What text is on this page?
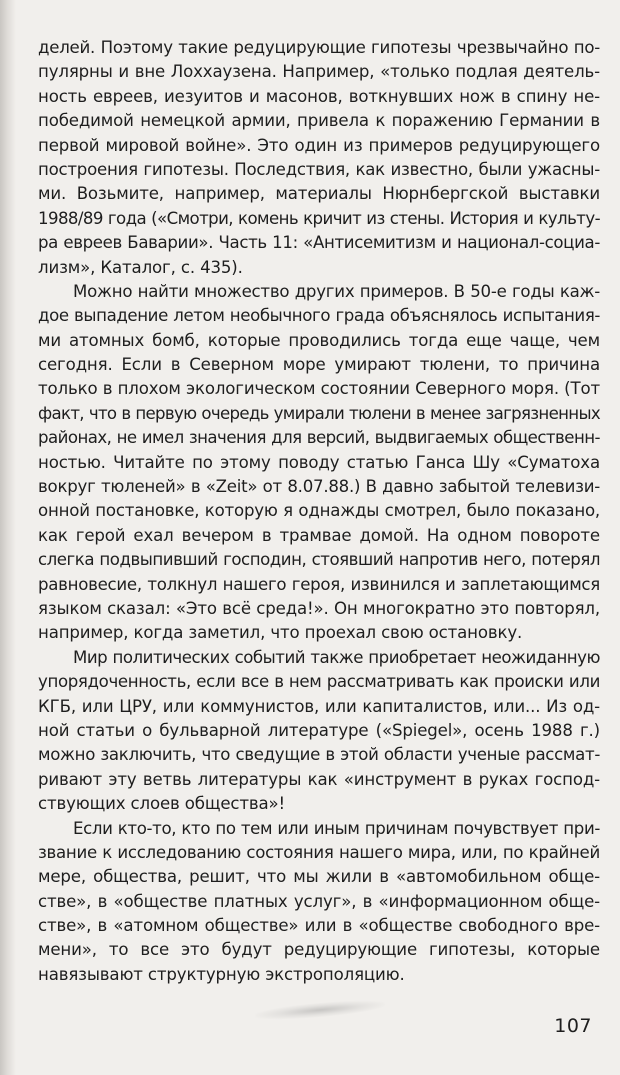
делей. Поэтому такие редуцирующие гипотезы чрезвычайно по-
пулярны и вне Лоххаузена. Например, «только подлая деятель-
ность евреев, иезуитов и масонов, воткнувших нож в спину не-
победимой немецкой армии, привела к поражению Германии в
первой мировой войне». Это один из примеров редуцирующего
построения гипотезы. Последствия, как известно, были ужасны-
ми. Возьмите, например, материалы Нюрнбергской выставки
1988/89 года («Смотри, комень кричит из стены. История и культу-
ра евреев Баварии». Часть 11: «Антисемитизм и национал-социа-
лизм», Каталог, с. 435).
Можно найти множество других примеров. В 50-е годы каж-
дое выпадение летом необычного града объяснялось испытания-
ми атомных бомб, которые проводились тогда еще чаще, чем
сегодня. Если в Северном море умирают тюлени, то причина
только в плохом экологическом состоянии Северного моря. (Тот
факт, что в первую очередь умирали тюлени в менее загрязненных
районах, не имел значения для версий, выдвигаемых общественн-
ностью. Читайте по этому поводу статью Ганса Шу «Суматоха
вокруг тюленей» в «Zeit» от 8.07.88.) В давно забытой телевизи-
онной постановке, которую я однажды смотрел, было показано,
как герой ехал вечером в трамвае домой. На одном повороте
слегка подвыпивший господин, стоявший напротив него, потерял
равновесие, толкнул нашего героя, извинился и заплетающимся
языком сказал: «Это всё среда!». Он многократно это повторял,
например, когда заметил, что проехал свою остановку.
Мир политических событий также приобретает неожиданную
упорядоченность, если все в нем рассматривать как происки или
КГБ, или ЦРУ, или коммунистов, или капиталистов, или... Из од-
ной статьи о бульварной литературе («Spiegel», осень 1988 г.)
можно заключить, что сведущие в этой области ученые рассмат-
ривают эту ветвь литературы как «инструмент в руках господ-
ствующих слоев общества»!
Если кто-то, кто по тем или иным причинам почувствует при-
звание к исследованию состояния нашего мира, или, по крайней
мере, общества, решит, что мы жили в «автомобильном обще-
стве», в «обществе платных услуг», в «информационном обще-
стве», в «атомном обществе» или в «обществе свободного вре-
мени», то все это будут редуцирующие гипотезы, которые
навязывают структурную экстрополяцию.
107
